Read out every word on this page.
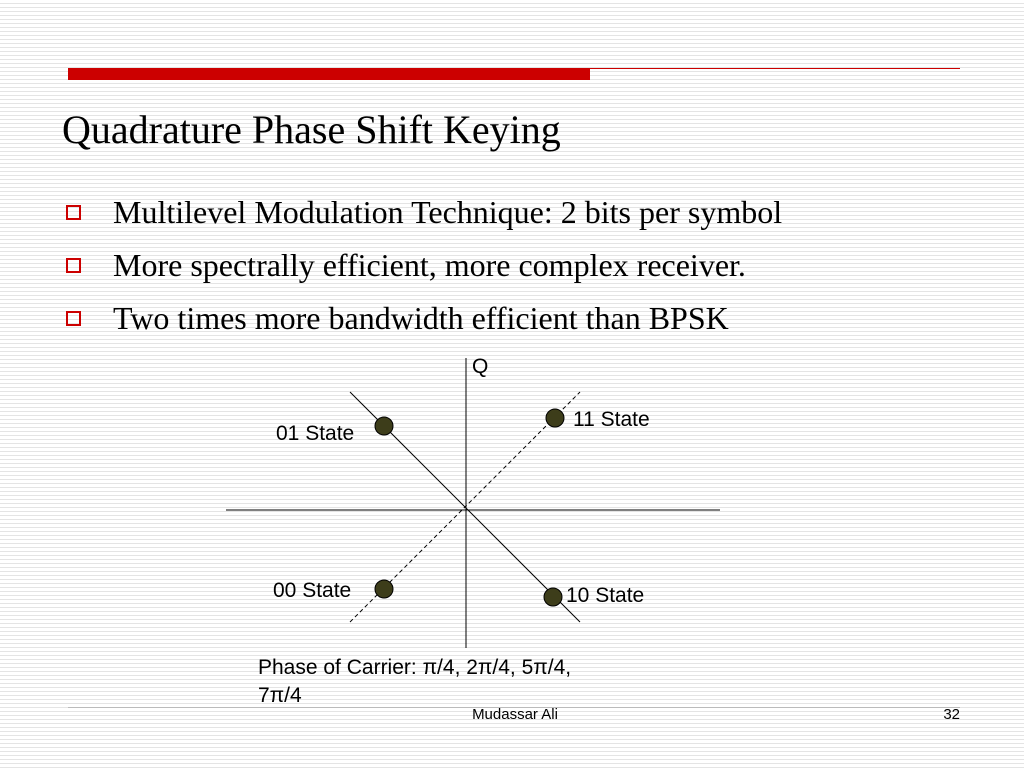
Quadrature Phase Shift Keying
Multilevel Modulation Technique: 2 bits per symbol
More spectrally efficient, more complex receiver.
Two times more bandwidth efficient than BPSK
Q
01 State
11 State
00 State	10 State
Phase of Carrier: π/4, 2π/4, 5π/4,
7π/4
Mudassar Ali	32
